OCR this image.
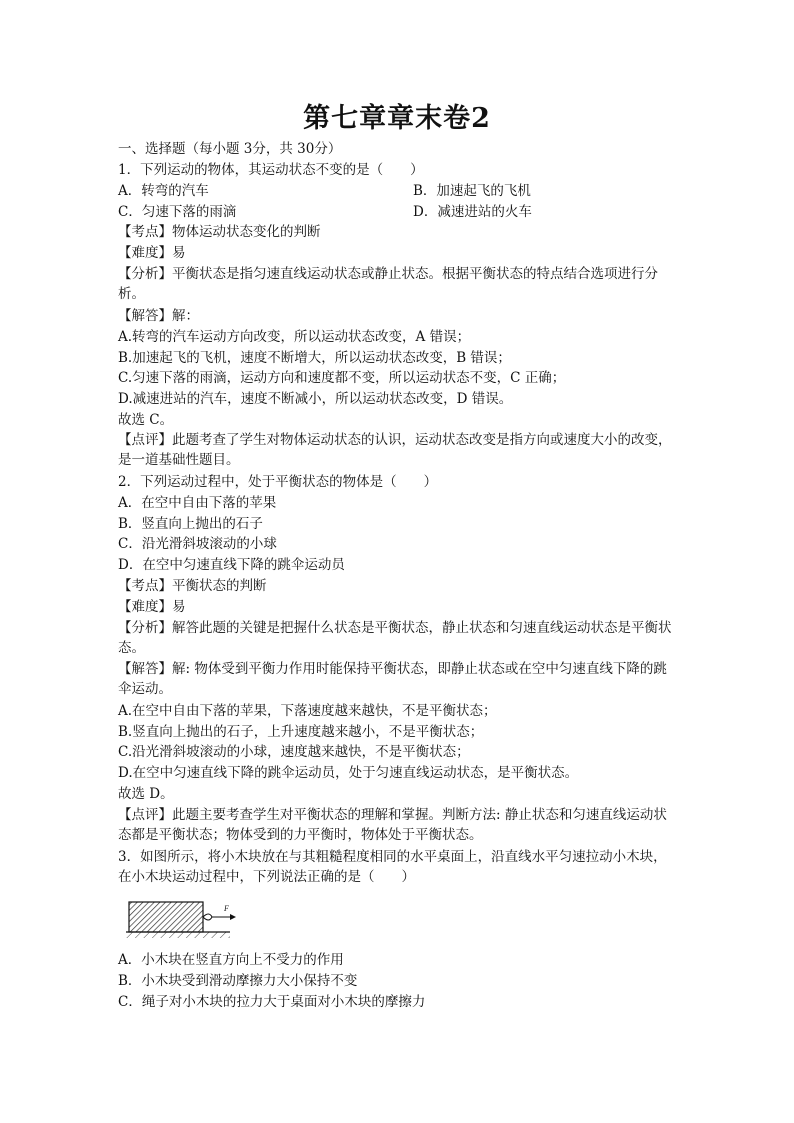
第七章章末卷2
一、选择题（每小题 3分，共 30分）
1．下列运动的物体，其运动状态不变的是（　　）
A．转弯的汽车	B．加速起飞的飞机
C．匀速下落的雨滴	D．减速进站的火车
【考点】物体运动状态变化的判断
【难度】易
【分析】平衡状态是指匀速直线运动状态或静止状态。根据平衡状态的特点结合选项进行分析。
【解答】解：
A.转弯的汽车运动方向改变，所以运动状态改变，A 错误；
B.加速起飞的飞机，速度不断增大，所以运动状态改变，B 错误；
C.匀速下落的雨滴，运动方向和速度都不变，所以运动状态不变，C 正确；
D.减速进站的汽车，速度不断减小，所以运动状态改变，D 错误。
故选 C。
【点评】此题考查了学生对物体运动状态的认识，运动状态改变是指方向或速度大小的改变，是一道基础性题目。
2．下列运动过程中，处于平衡状态的物体是（　　）
A．在空中自由下落的苹果
B．竖直向上抛出的石子
C．沿光滑斜坡滚动的小球
D．在空中匀速直线下降的跳伞运动员
【考点】平衡状态的判断
【难度】易
【分析】解答此题的关键是把握什么状态是平衡状态，静止状态和匀速直线运动状态是平衡状态。
【解答】解: 物体受到平衡力作用时能保持平衡状态，即静止状态或在空中匀速直线下降的跳伞运动。
A.在空中自由下落的苹果，下落速度越来越快，不是平衡状态；
B.竖直向上抛出的石子，上升速度越来越小，不是平衡状态；
C.沿光滑斜坡滚动的小球，速度越来越快，不是平衡状态；
D.在空中匀速直线下降的跳伞运动员，处于匀速直线运动状态，是平衡状态。
故选 D。
【点评】此题主要考查学生对平衡状态的理解和掌握。判断方法: 静止状态和匀速直线运动状态都是平衡状态；物体受到的力平衡时，物体处于平衡状态。
3．如图所示，将小木块放在与其粗糙程度相同的水平桌面上，沿直线水平匀速拉动小木块，在小木块运动过程中，下列说法正确的是（　　）
F
A．小木块在竖直方向上不受力的作用
B．小木块受到滑动摩擦力大小保持不变
C．绳子对小木块的拉力大于桌面对小木块的摩擦力
